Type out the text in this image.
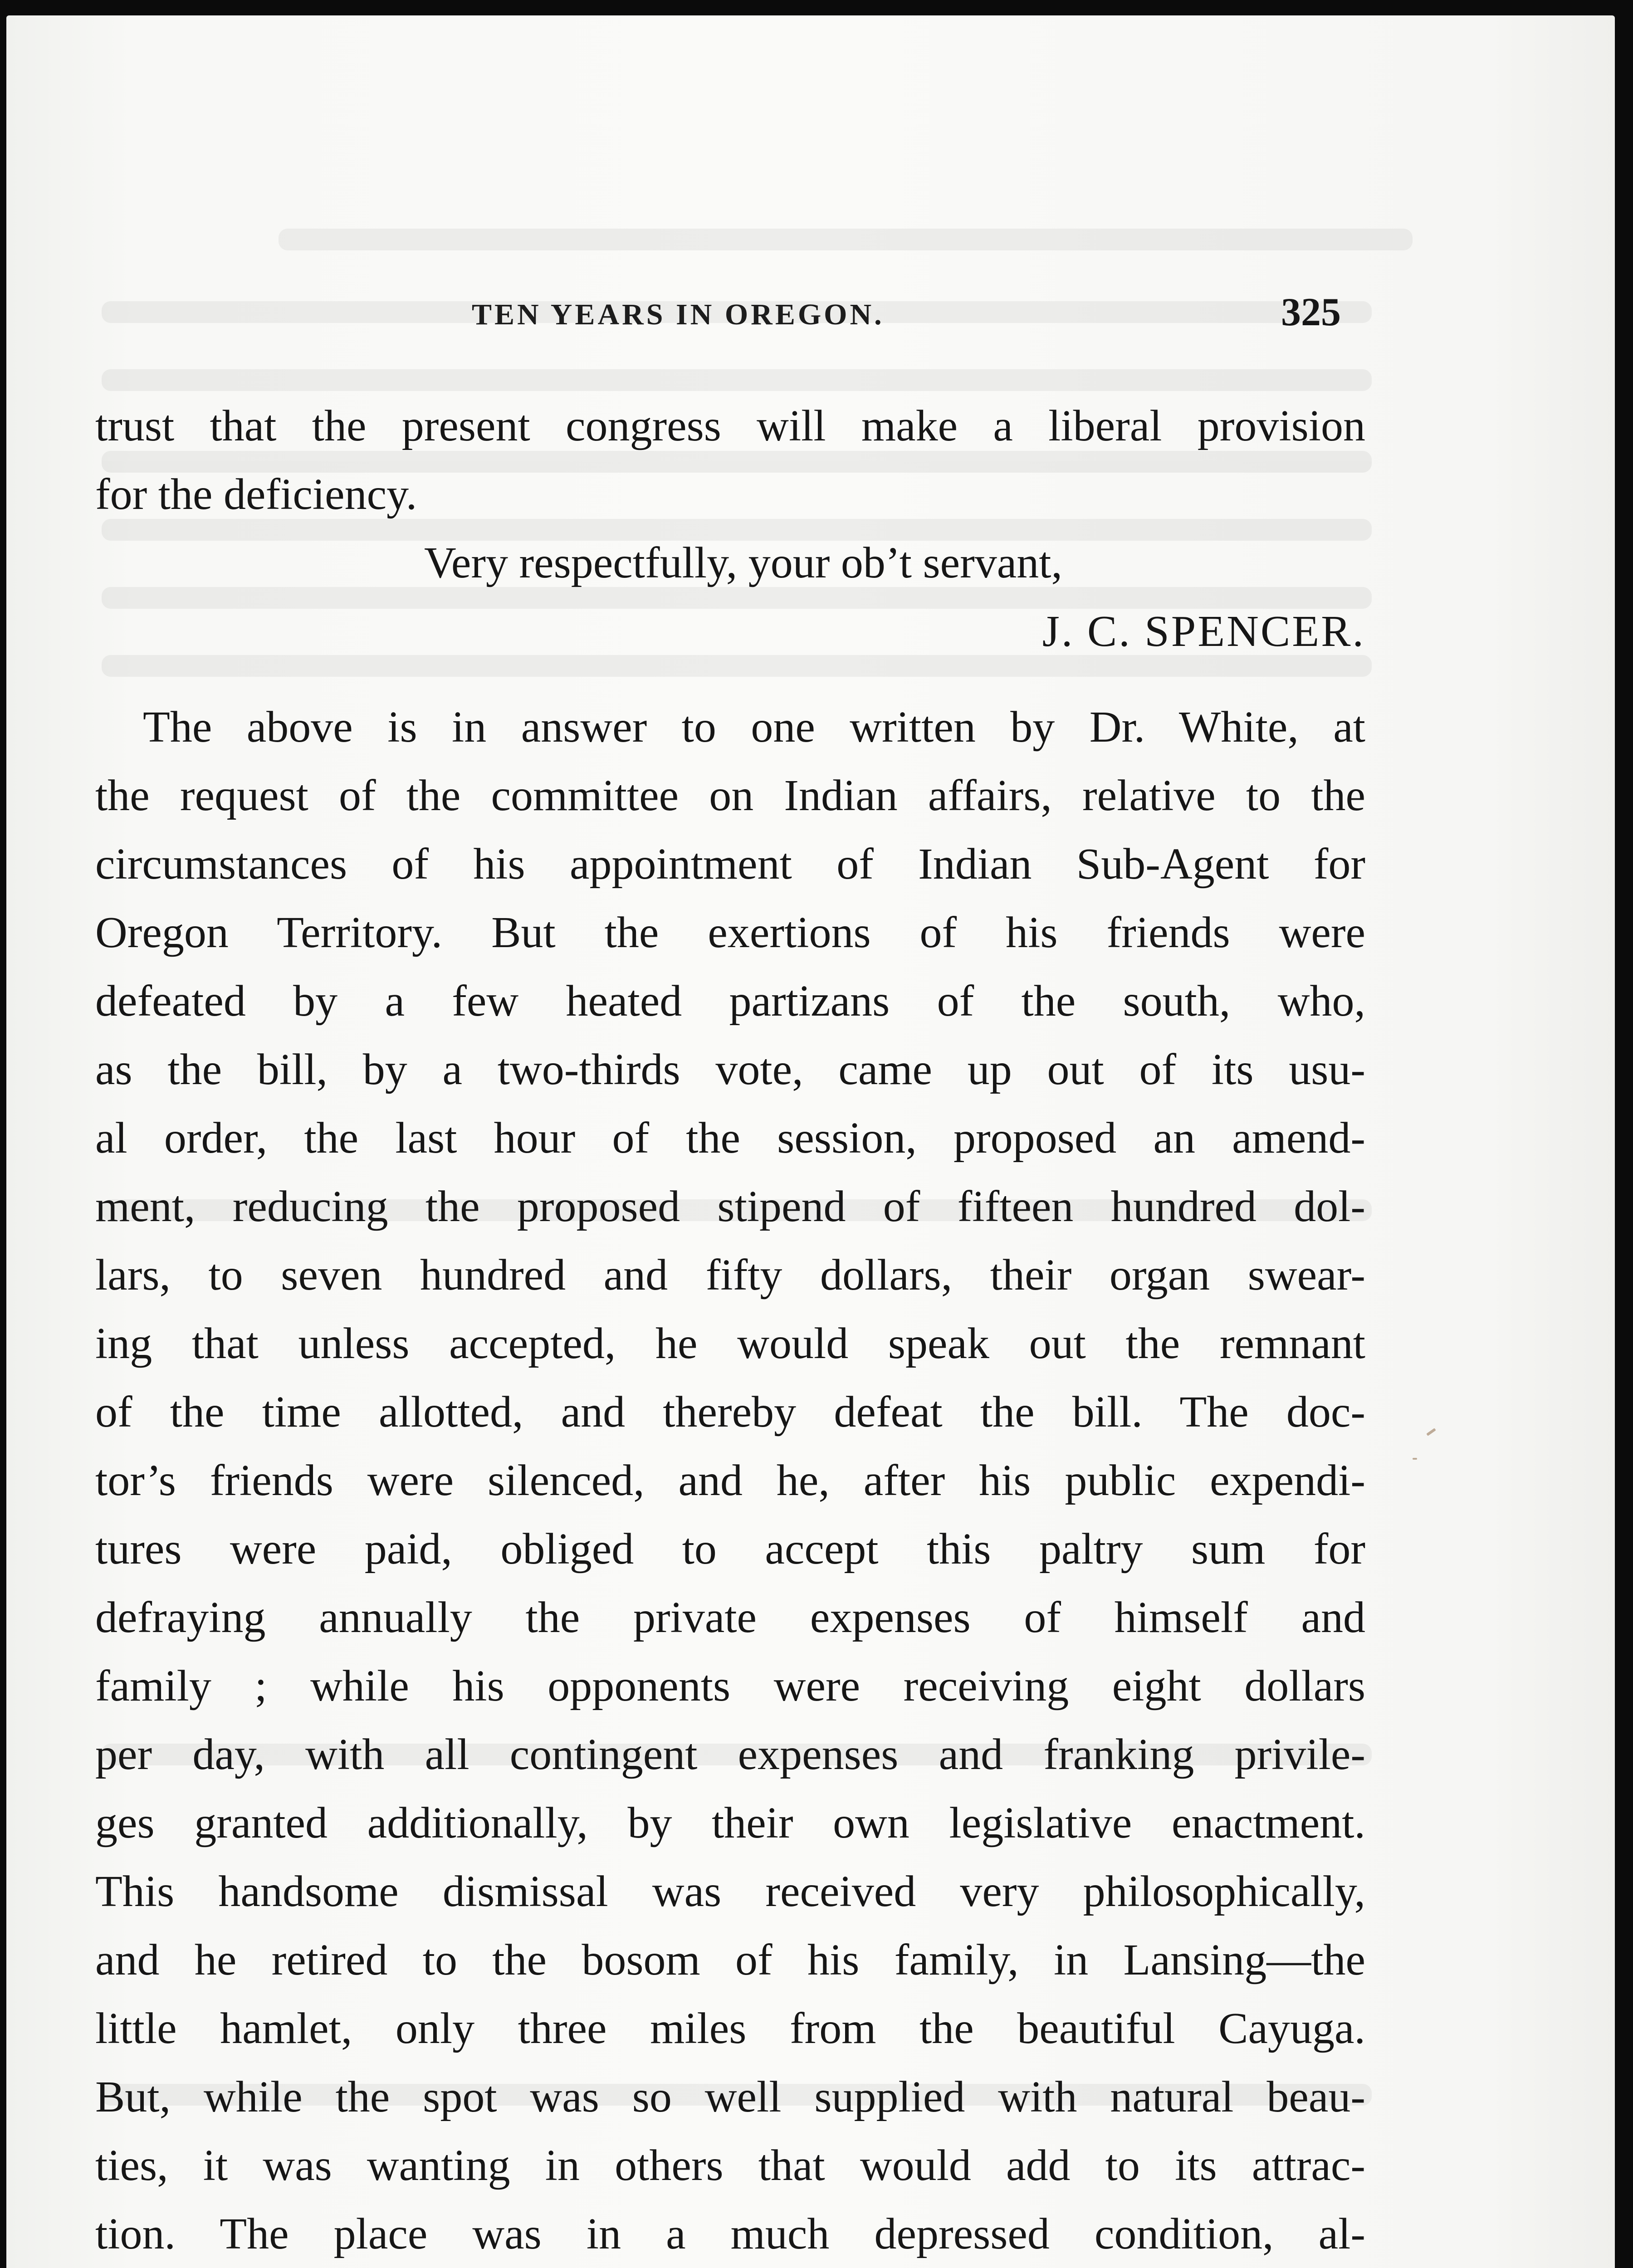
TEN YEARS IN OREGON.	325
trust that the present congress will make a liberal provision
for the deficiency.
Very respectfully, your ob’t servant,
J. C. SPENCER.
The above is in answer to one written by Dr. White, at
the request of the committee on Indian affairs, relative to the
circumstances of his appointment of Indian Sub-Agent for
Oregon Territory. But the exertions of his friends were
defeated by a few heated partizans of the south, who,
as the bill, by a two-thirds vote, came up out of its usu-
al order, the last hour of the session, proposed an amend-
ment, reducing the proposed stipend of fifteen hundred dol-
lars, to seven hundred and fifty dollars, their organ swear-
ing that unless accepted, he would speak out the remnant
of the time allotted, and thereby defeat the bill. The doc-
tor’s friends were silenced, and he, after his public expendi-
tures were paid, obliged to accept this paltry sum for
defraying annually the private expenses of himself and
family ; while his opponents were receiving eight dollars
per day, with all contingent expenses and franking privile-
ges granted additionally, by their own legislative enactment.
This handsome dismissal was received very philosophically,
and he retired to the bosom of his family, in Lansing—the
little hamlet, only three miles from the beautiful Cayuga.
But, while the spot was so well supplied with natural beau-
ties, it was wanting in others that would add to its attrac-
tion. The place was in a much depressed condition, al-
